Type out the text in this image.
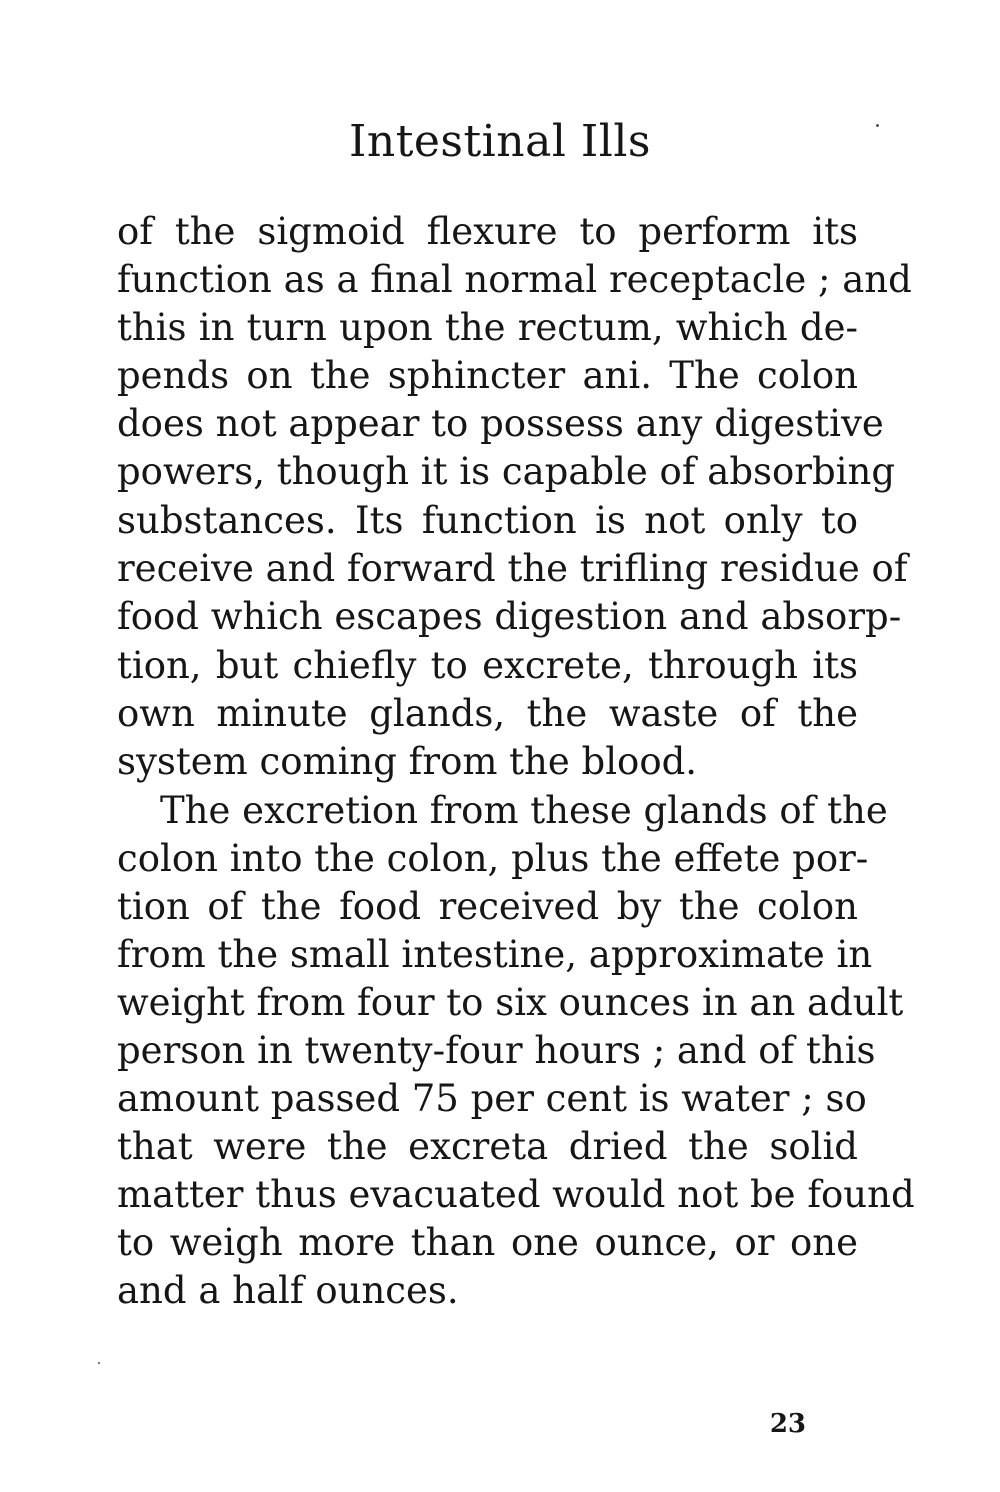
Intestinal Ills
of the sigmoid flexure to perform its
function as a final normal receptacle ; and
this in turn upon the rectum, which de-
pends on the sphincter ani. The colon
does not appear to possess any digestive
powers, though it is capable of absorbing
substances. Its function is not only to
receive and forward the trifling residue of
food which escapes digestion and absorp-
tion, but chiefly to excrete, through its
own minute glands, the waste of the
system coming from the blood.
The excretion from these glands of the
colon into the colon, plus the effete por-
tion of the food received by the colon
from the small intestine, approximate in
weight from four to six ounces in an adult
person in twenty-four hours ; and of this
amount passed 75 per cent is water ; so
that were the excreta dried the solid
matter thus evacuated would not be found
to weigh more than one ounce, or one
and a half ounces.
23
